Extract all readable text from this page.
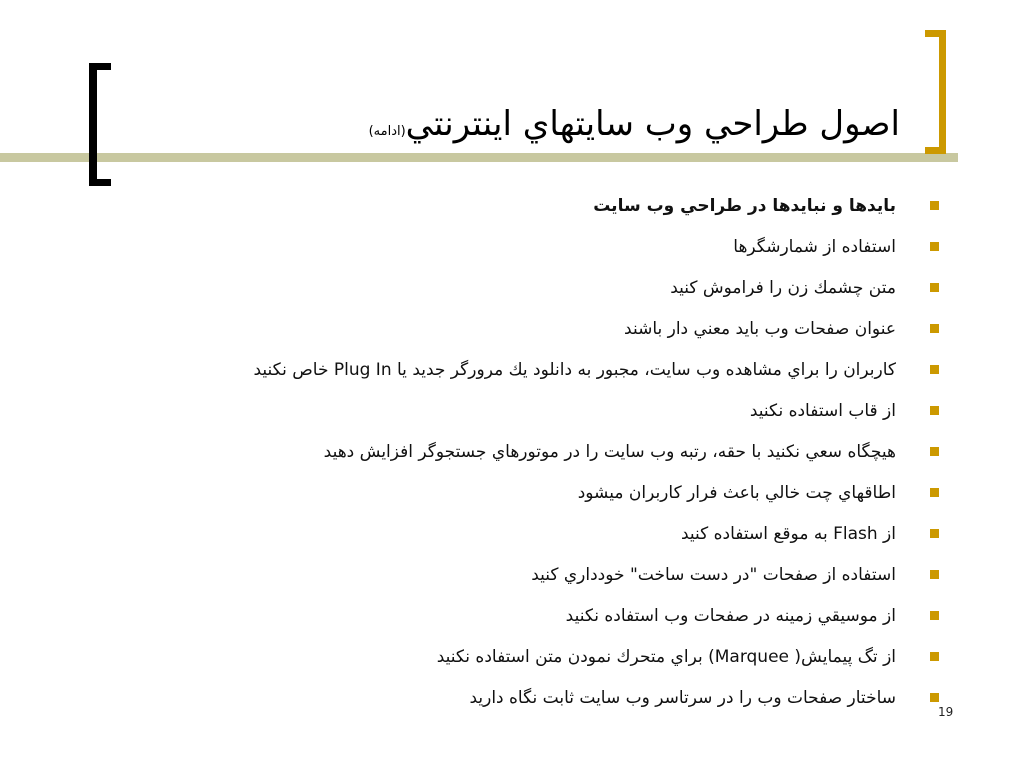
اصول طراحي وب سايتهاي اينترنتي(ادامه)
بايدها و نبايدها در طراحي وب سايت
استفاده از شمارشگرها
متن چشمك زن را فراموش كنيد
عنوان صفحات وب بايد معني دار باشند
كاربران را براي مشاهده وب سايت، مجبور به دانلود يك مرورگر جديد يا Plug In خاص نكنيد
از قاب استفاده نكنيد
هيچگاه سعي نكنيد با حقه، رتبه وب سايت را در موتورهاي جستجوگر افزايش دهيد
اطاقهاي چت خالي باعث فرار كاربران ميشود
از Flash به موقع استفاده كنيد
استفاده از صفحات "در دست ساخت" خودداري كنيد
از موسيقي زمينه در صفحات وب استفاده نكنيد
از تگ پيمايش( Marquee) براي متحرك نمودن متن استفاده نكنيد
ساختار صفحات وب را در سرتاسر وب سايت ثابت نگاه داريد
19
